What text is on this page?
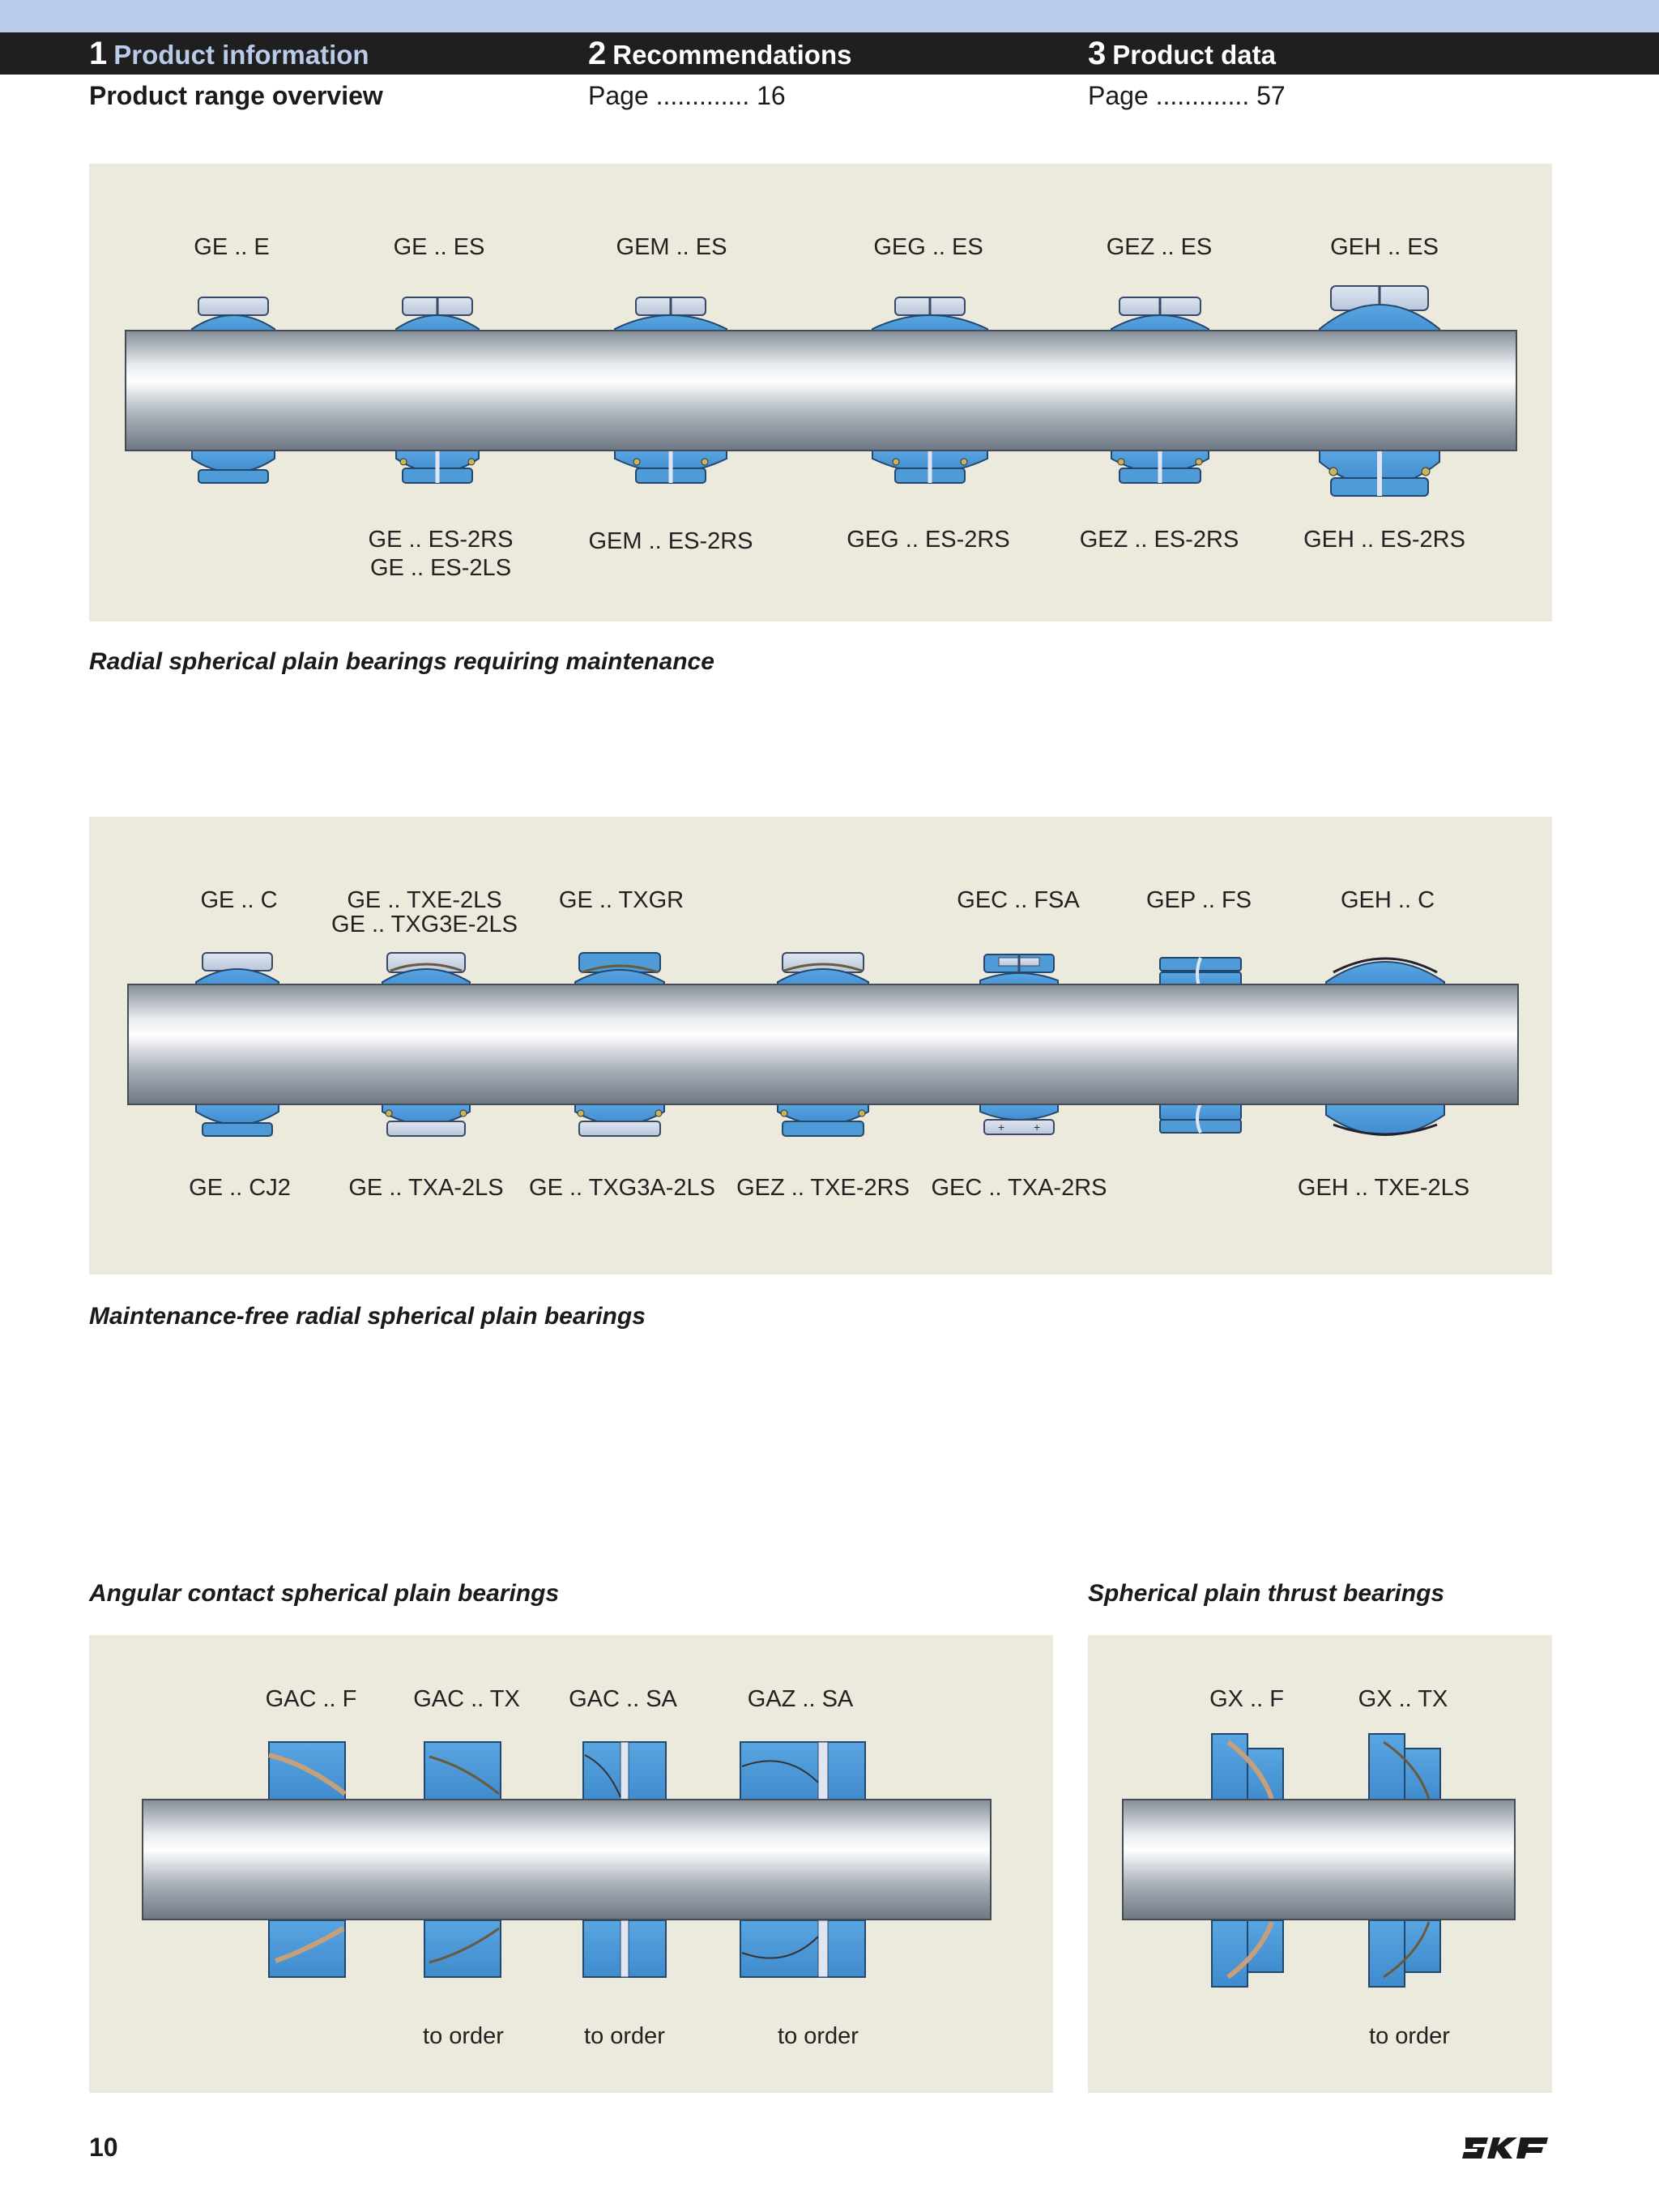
1 Product information	2 Recommendations	3 Product data
Product range overview	Page ............. 16	Page ............. 57
+	+
GE .. E	GE .. ES	GEM .. ES	GEG .. ES	GEZ .. ES	GEH .. ES
GE .. ES-2RS
GE .. ES-2LS
GEM .. ES-2RS	GEG .. ES-2RS	GEZ .. ES-2RS	GEH .. ES-2RS
Radial spherical plain bearings requiring maintenance
GE .. C	GE .. TXE-2LS
GE .. TXG3E-2LS
GE .. TXGR	GEC .. FSA	GEP .. FS	GEH .. C
GE .. CJ2 GE .. TXA-2LS GE .. TXG3A-2LS GEZ .. TXE-2RS GEC .. TXA-2RS	GEH .. TXE-2LS
Maintenance-free radial spherical plain bearings
Angular contact spherical plain bearings
GAC .. F GAC .. TX GAC .. SA	GAZ .. SA
to order	to order	to order
Spherical plain thrust bearings
GX .. F	GX .. TX
to order
10
